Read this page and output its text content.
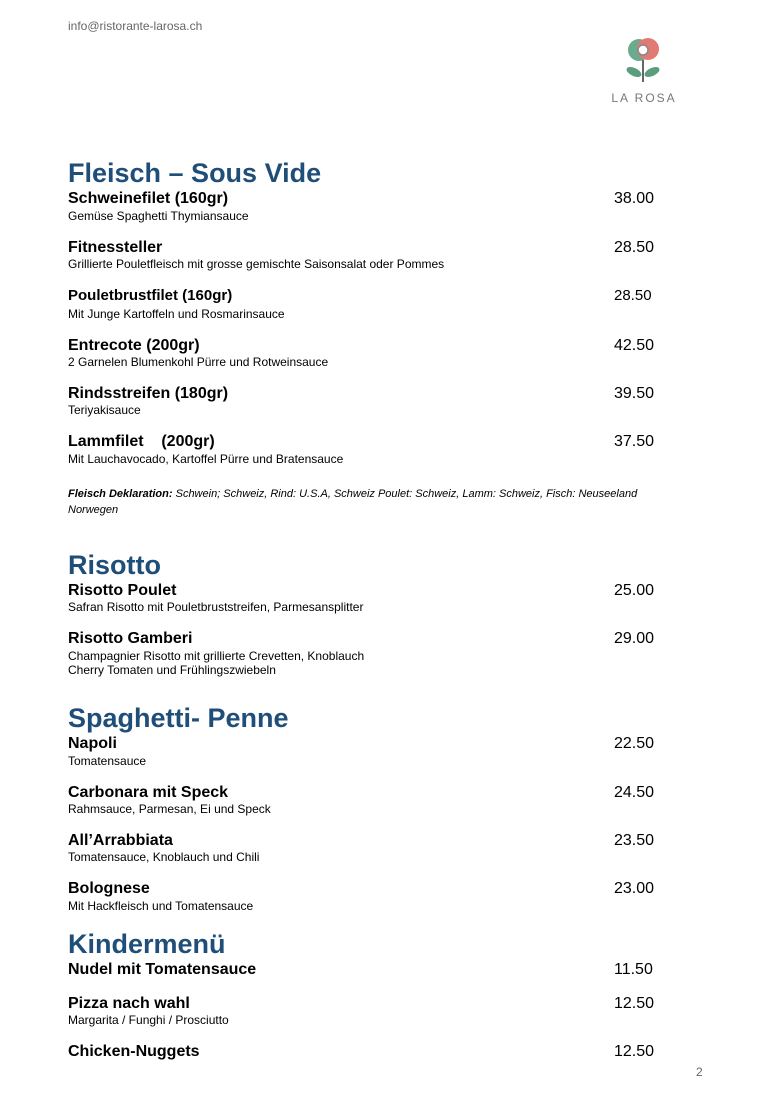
info@ristorante-larosa.ch
LA ROSA
Fleisch – Sous Vide
Schweinefilet (160gr)	38.00
Gemüse Spaghetti Thymiansauce
Fitnessteller	28.50
Grillierte Pouletfleisch mit grosse gemischte Saisonsalat oder Pommes
Pouletbrustfilet (160gr)	28.50
Mit Junge Kartoffeln und Rosmarinsauce
Entrecote (200gr)	42.50
2 Garnelen Blumenkohl Pürre und Rotweinsauce
Rindsstreifen (180gr)	39.50
Teriyakisauce
Lammfilet    (200gr)	37.50
Mit Lauchavocado, Kartoffel Pürre und Bratensauce
Fleisch Deklaration: Schwein; Schweiz, Rind: U.S.A, Schweiz Poulet: Schweiz, Lamm: Schweiz, Fisch: Neuseeland Norwegen
Risotto
Risotto Poulet	25.00
Safran Risotto mit Pouletbruststreifen, Parmesansplitter
Risotto Gamberi	29.00
Champagnier Risotto mit grillierte Crevetten, Knoblauch
Cherry Tomaten und Frühlingszwiebeln
Spaghetti- Penne
Napoli	22.50
Tomatensauce
Carbonara mit Speck	24.50
Rahmsauce, Parmesan, Ei und Speck
All’Arrabbiata	23.50
Tomatensauce, Knoblauch und Chili
Bolognese	23.00
Mit Hackfleisch und Tomatensauce
Kindermenü
Nudel mit Tomatensauce	11.50
Pizza nach wahl	12.50
Margarita / Funghi / Prosciutto
Chicken-Nuggets	12.50
2
